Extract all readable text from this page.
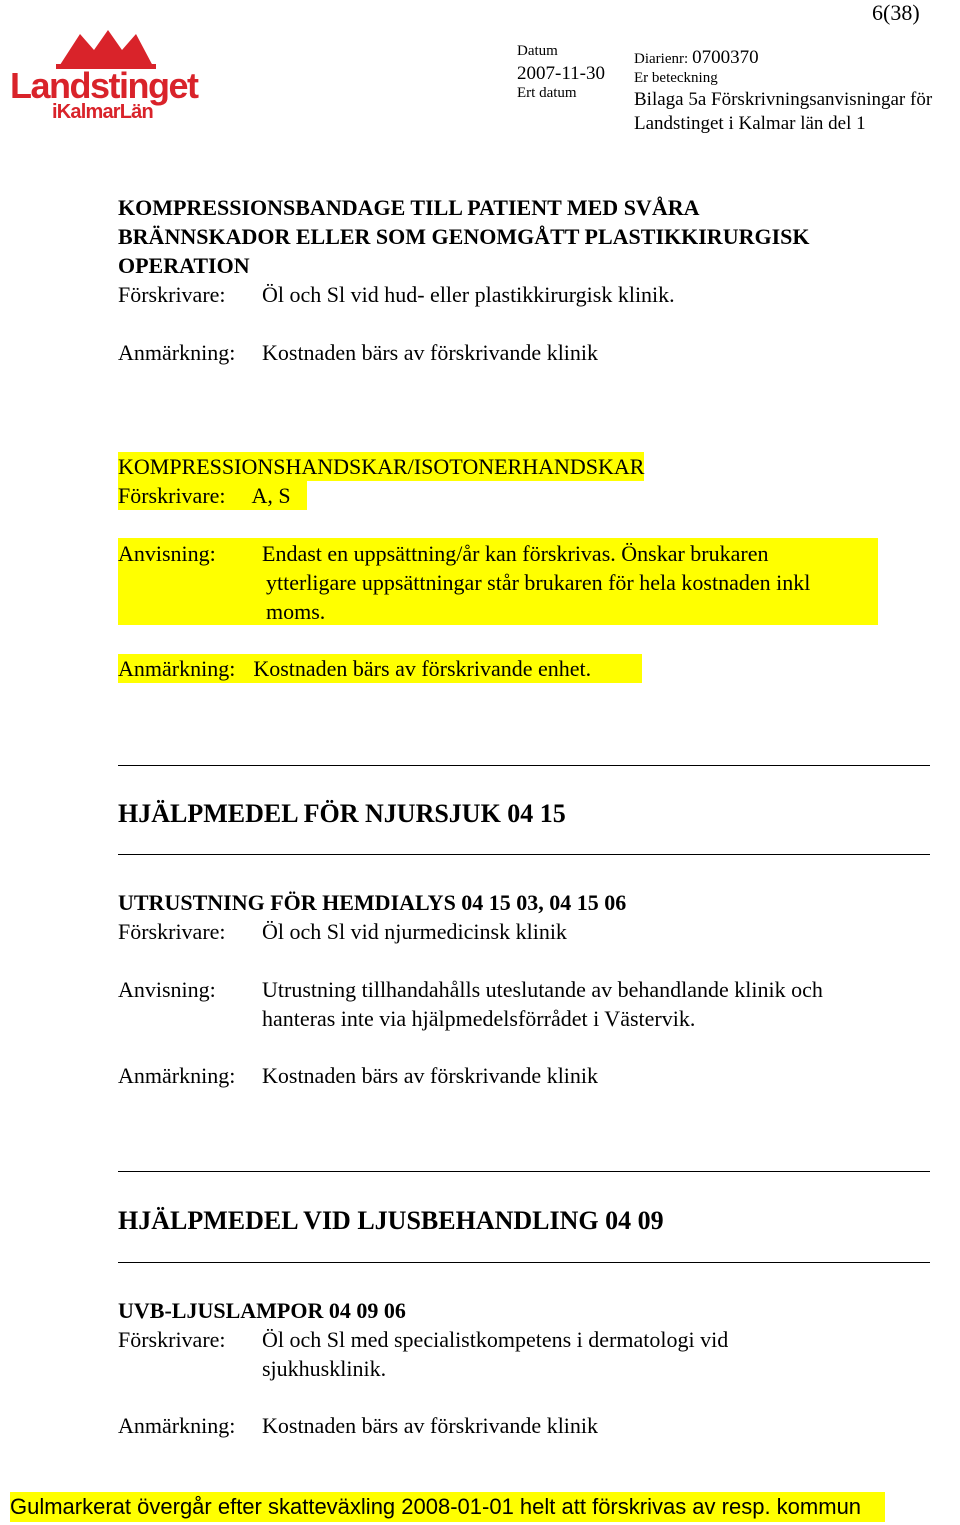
6(38)
Landstinget
iKalmarLän
Datum
2007-11-30
Ert datum
Diarienr: 0700370
Er beteckning
Bilaga 5a Förskrivningsanvisningar för
Landstinget i Kalmar län del 1
KOMPRESSIONSBANDAGE TILL PATIENT MED SVÅRA
BRÄNNSKADOR ELLER SOM GENOMGÅTT PLASTIKKIRURGISK
OPERATION
Förskrivare: Öl och Sl vid hud- eller plastikkirurgisk klinik.
Anmärkning: Kostnaden bärs av förskrivande klinik
KOMPRESSIONSHANDSKAR/ISOTONERHANDSKAR
Förskrivare: A, S
Anvisning: Endast en uppsättning/år kan förskrivas. Önskar brukaren
ytterligare uppsättningar står brukaren för hela kostnaden inkl
moms.
Anmärkning: Kostnaden bärs av förskrivande enhet.
HJÄLPMEDEL FÖR NJURSJUK 04 15
UTRUSTNING FÖR HEMDIALYS 04 15 03, 04 15 06
Förskrivare: Öl och Sl vid njurmedicinsk klinik
Anvisning: Utrustning tillhandahålls uteslutande av behandlande klinik och
hanteras inte via hjälpmedelsförrådet i Västervik.
Anmärkning: Kostnaden bärs av förskrivande klinik
HJÄLPMEDEL VID LJUSBEHANDLING 04 09
UVB-LJUSLAMPOR 04 09 06
Förskrivare: Öl och Sl med specialistkompetens i dermatologi vid
sjukhusklinik.
Anmärkning: Kostnaden bärs av förskrivande klinik
Gulmarkerat övergår efter skatteväxling 2008-01-01 helt att förskrivas av resp. kommun
